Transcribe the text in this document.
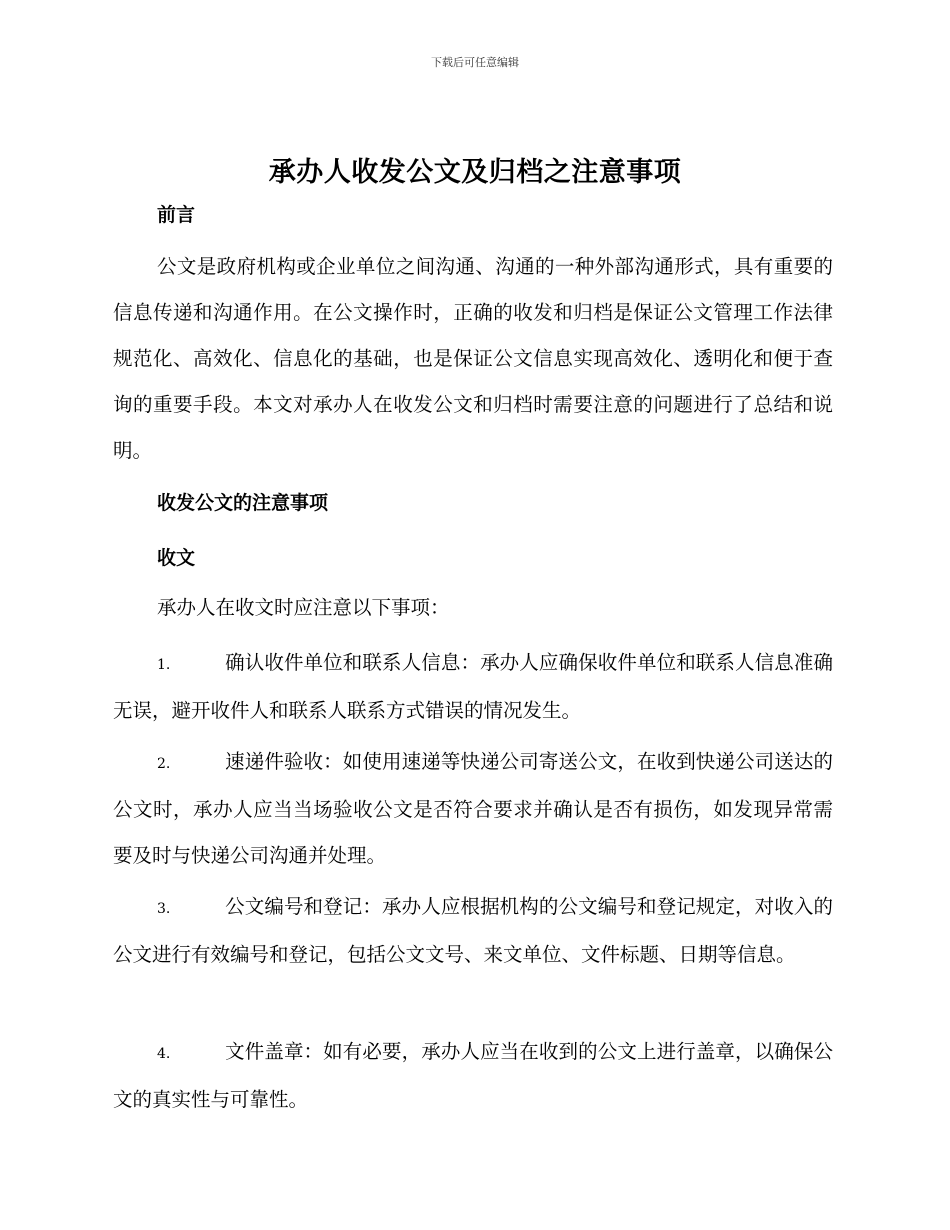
下载后可任意编辑
承办人收发公文及归档之注意事项
前言
公文是政府机构或企业单位之间沟通、沟通的一种外部沟通形式，具有重要的信息传递和沟通作用。在公文操作时，正确的收发和归档是保证公文管理工作法律规范化、高效化、信息化的基础，也是保证公文信息实现高效化、透明化和便于查询的重要手段。本文对承办人在收发公文和归档时需要注意的问题进行了总结和说明。
收发公文的注意事项
收文
承办人在收文时应注意以下事项：
1.	确认收件单位和联系人信息：承办人应确保收件单位和联系人信息准确无误，避开收件人和联系人联系方式错误的情况发生。
2.	速递件验收：如使用速递等快递公司寄送公文，在收到快递公司送达的公文时，承办人应当当场验收公文是否符合要求并确认是否有损伤，如发现异常需要及时与快递公司沟通并处理。
3.	公文编号和登记：承办人应根据机构的公文编号和登记规定，对收入的公文进行有效编号和登记，包括公文文号、来文单位、文件标题、日期等信息。
4.	文件盖章：如有必要，承办人应当在收到的公文上进行盖章，以确保公文的真实性与可靠性。
